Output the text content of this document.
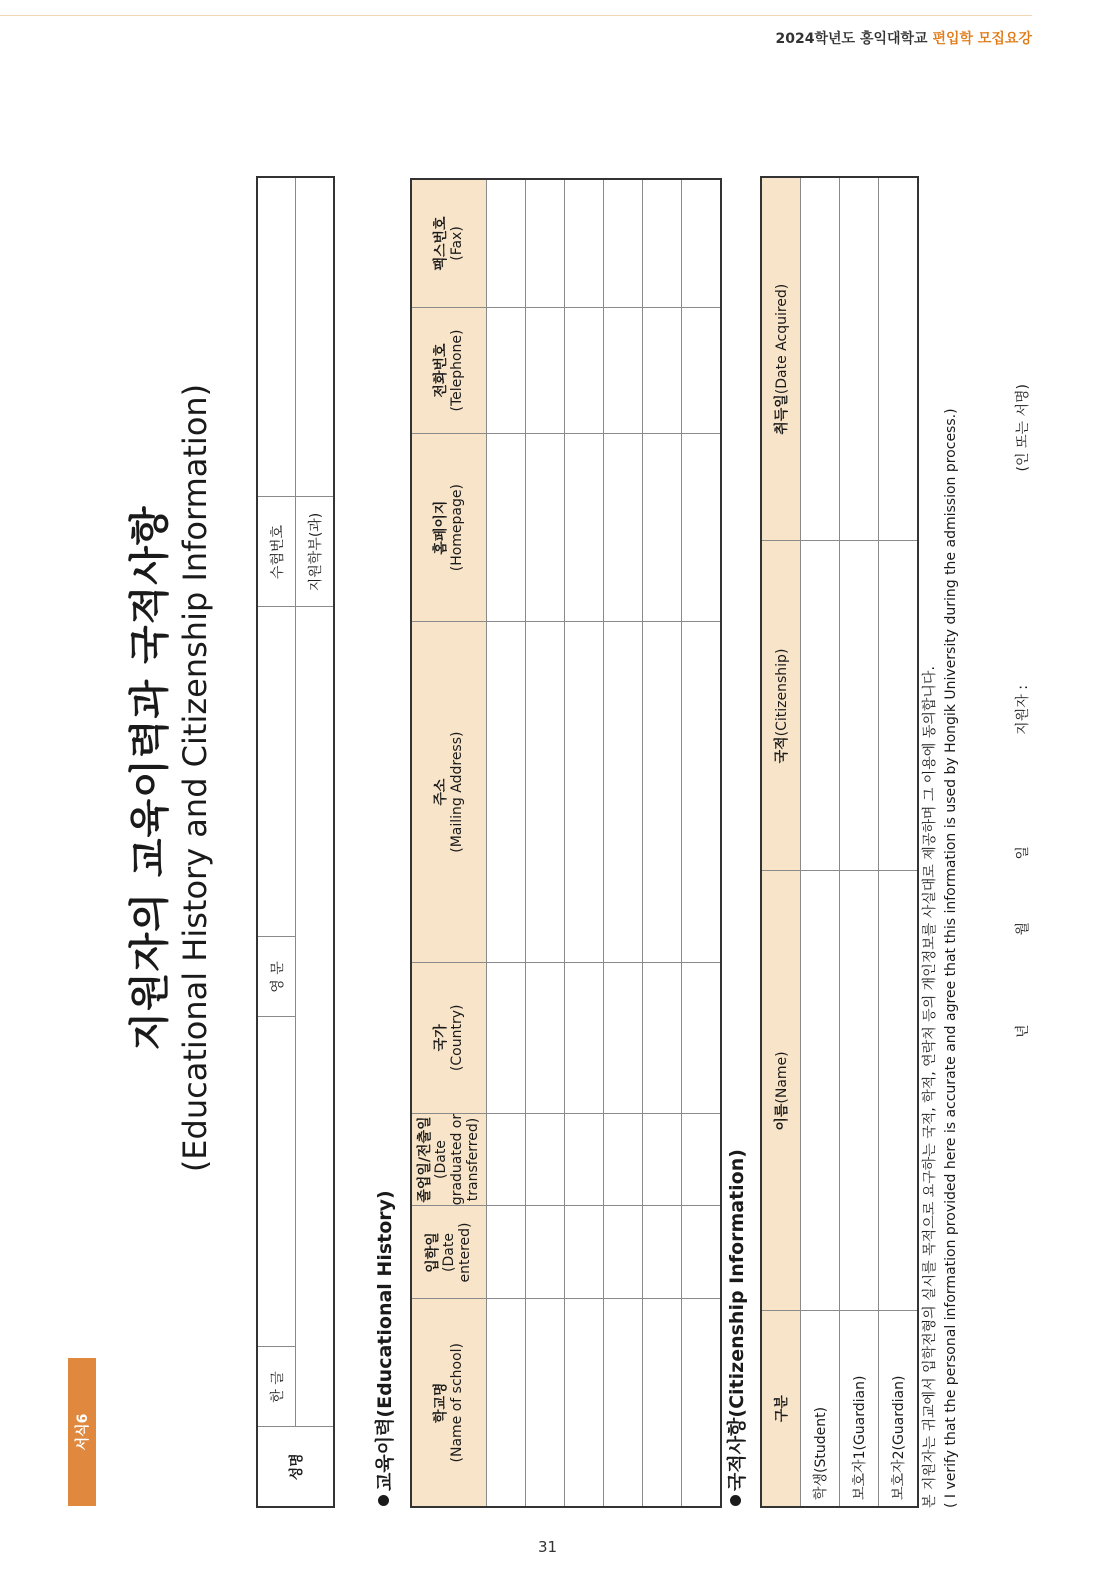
2024학년도 홍익대학교 편입학 모집요강
31
서식6
지원자의 교육이력과 국적사항 (Educational History and Citizenship Information)
성명	한 글		영 문		수험번호	
					지원학부(과)	
교육이력(Educational History)	학교명 (Name of school)	입학일 (Date entered)	졸업일/전출일 (Date graduated or transferred)	국가 (Country)	주소 (Mailing Address)	홈페이지 (Homepage)	전화번호 (Telephone)	팩스번호 (Fax)

국적사항(Citizenship Information) 구분	이름(Name)	국적(Citizenship)	취득일(Date Acquired)
학생(Student)			
보호자1(Guardian)			
보호자2(Guardian)			본 지원자는 귀교에서 입학전형의 실시를 목적으로 요구하는 국적, 학적, 연락처 등의 개인정보를 사실대로 제공하며 그 이용에 동의합니다. ( I verify that the personal information provided here is accurate and agree that this information is used by Hongik University during the admission process.)	년                    월              일                         지원자 :                                                (인 또는 서명)
